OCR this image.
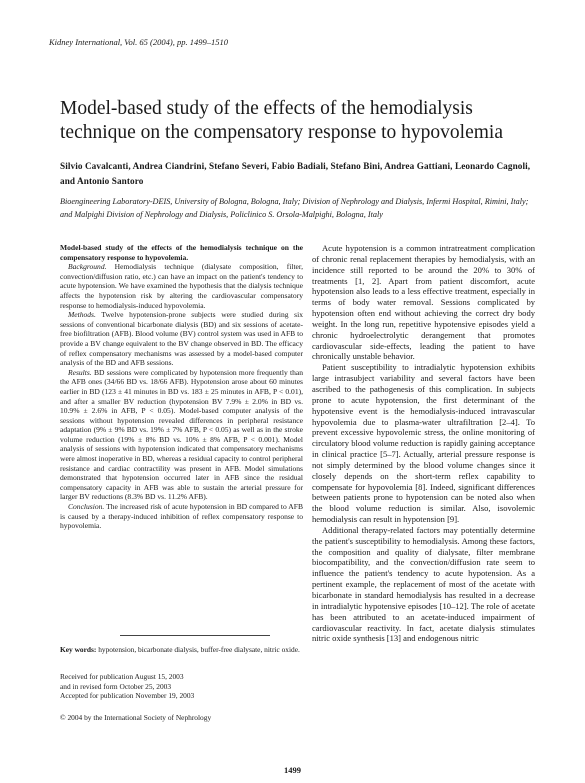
Kidney International, Vol. 65 (2004), pp. 1499–1510
Model-based study of the effects of the hemodialysis technique on the compensatory response to hypovolemia
Silvio Cavalcanti, Andrea Ciandrini, Stefano Severi, Fabio Badiali, Stefano Bini, Andrea Gattiani, Leonardo Cagnoli, and Antonio Santoro
Bioengineering Laboratory-DEIS, University of Bologna, Bologna, Italy; Division of Nephrology and Dialysis, Infermi Hospital, Rimini, Italy; and Malpighi Division of Nephrology and Dialysis, Policlinico S. Orsola-Malpighi, Bologna, Italy

Model-based study of the effects of the hemodialysis technique on the compensatory response to hypovolemia.

Background. Hemodialysis technique (dialysate composition, filter, convection/diffusion ratio, etc.) can have an impact on the patient's tendency to acute hypotension. We have examined the hypothesis that the dialysis technique affects the hypotension risk by altering the cardiovascular compensatory response to hemodialysis-induced hypovolemia.

Methods. Twelve hypotension-prone subjects were studied during six sessions of conventional bicarbonate dialysis (BD) and six sessions of acetate-free biofiltration (AFB). Blood volume (BV) control system was used in AFB to provide a BV change equivalent to the BV change observed in BD. The efficacy of reflex compensatory mechanisms was assessed by a model-based computer analysis of the BD and AFB sessions.

Results. BD sessions were complicated by hypotension more frequently than the AFB ones (34/66 BD vs. 18/66 AFB). Hypotension arose about 60 minutes earlier in BD (123 ± 41 minutes in BD vs. 183 ± 25 minutes in AFB, P < 0.01), and after a smaller BV reduction (hypotension BV 7.9% ± 2.0% in BD vs. 10.9% ± 2.6% in AFB, P < 0.05). Model-based computer analysis of the sessions without hypotension revealed differences in peripheral resistance adaptation (9% ± 9% BD vs. 19% ± 7% AFB, P < 0.05) as well as in the stroke volume reduction (19% ± 8% BD vs. 10% ± 8% AFB, P < 0.001). Model analysis of sessions with hypotension indicated that compensatory mechanisms were almost inoperative in BD, whereas a residual capacity to control peripheral resistance and cardiac contractility was present in AFB. Model simulations demonstrated that hypotension occurred later in AFB since the residual compensatory capacity in AFB was able to sustain the arterial pressure for larger BV reductions (8.3% BD vs. 11.2% AFB).

Conclusion. The increased risk of acute hypotension in BD compared to AFB is caused by a therapy-induced inhibition of reflex compensatory response to hypovolemia.

Key words: hypotension, bicarbonate dialysis, buffer-free dialysate, nitric oxide.
Received for publication August 15, 2003
and in revised form October 25, 2003
Accepted for publication November 19, 2003
© 2004 by the International Society of Nephrology

Acute hypotension is a common intratreatment complication of chronic renal replacement therapies by hemodialysis, with an incidence still reported to be around the 20% to 30% of treatments [1, 2]. Apart from patient discomfort, acute hypotension also leads to a less effective treatment, especially in terms of body water removal. Sessions complicated by hypotension often end without achieving the correct dry body weight. In the long run, repetitive hypotensive episodes yield a chronic hydroelectrolytic derangement that promotes cardiovascular side-effects, leading the patient to have chronically unstable behavior.

Patient susceptibility to intradialytic hypotension exhibits large intrasubject variability and several factors have been ascribed to the pathogenesis of this complication. In subjects prone to acute hypotension, the first determinant of the hypotensive event is the hemodialysis-induced intravascular hypovolemia due to plasma-water ultrafiltration [2–4]. To prevent excessive hypovolemic stress, the online monitoring of circulatory blood volume reduction is rapidly gaining acceptance in clinical practice [5–7]. Actually, arterial pressure response is not simply determined by the blood volume changes since it closely depends on the short-term reflex capability to compensate for hypovolemia [8]. Indeed, significant differences between patients prone to hypotension can be noted also when the blood volume reduction is similar. Also, isovolemic hemodialysis can result in hypotension [9].

Additional therapy-related factors may potentially determine the patient's susceptibility to hemodialysis. Among these factors, the composition and quality of dialysate, filter membrane biocompatibility, and the convection/diffusion rate seem to influence the patient's tendency to acute hypotension. As a pertinent example, the replacement of most of the acetate with bicarbonate in standard hemodialysis has resulted in a decrease in intradialytic hypotensive episodes [10–12]. The role of acetate has been attributed to an acetate-induced impairment of cardiovascular reactivity. In fact, acetate dialysis stimulates nitric oxide synthesis [13] and endogenous nitric

1499
